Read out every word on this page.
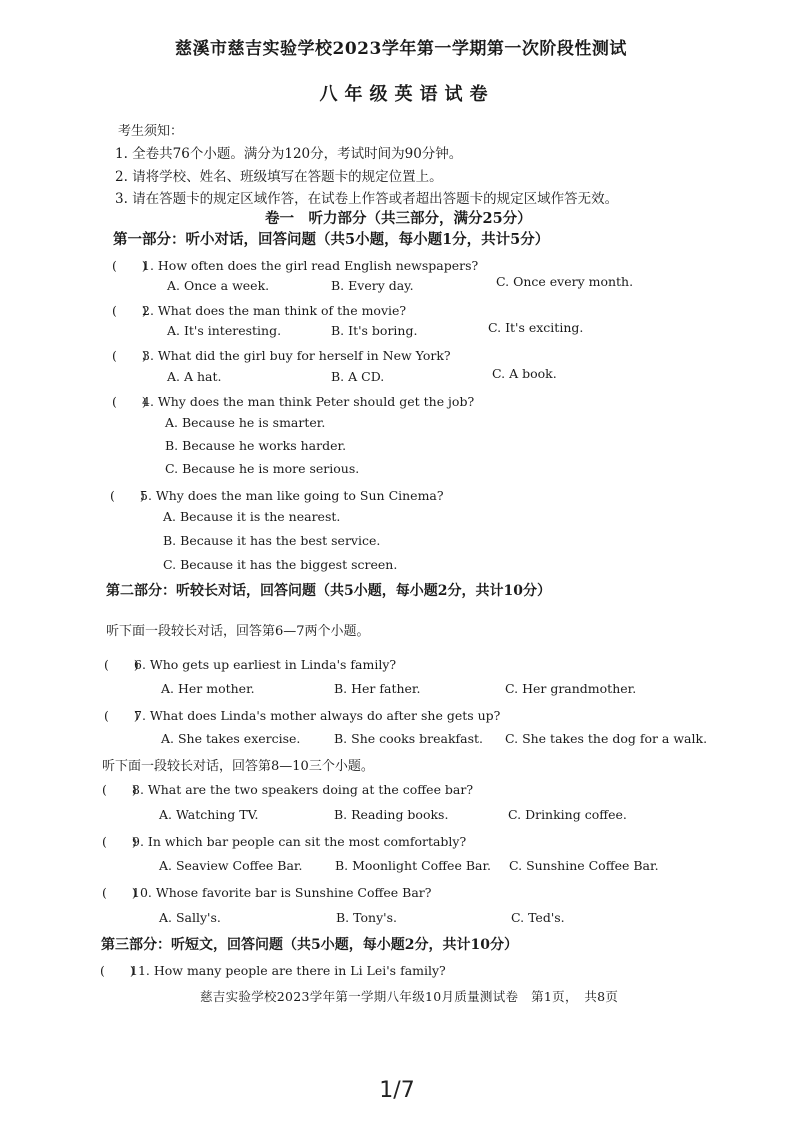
慈溪市慈吉实验学校2023学年第一学期第一次阶段性测试
八年级英语试卷
考生须知：
1. 全卷共76个小题。满分为120分，考试时间为90分钟。
2. 请将学校、姓名、班级填写在答题卡的规定位置上。
3. 请在答题卡的规定区域作答，在试卷上作答或者超出答题卡的规定区域作答无效。
卷一　听力部分（共三部分，满分25分）
第一部分：听小对话，回答问题（共5小题，每小题1分，共计5分）
(　　)1. How often does the girl read English newspapers?
A. Once a week.	B. Every day.	C. Once every month.
(　　)2. What does the man think of the movie?
A. It's interesting.	B. It's boring.	C. It's exciting.
(　　)3. What did the girl buy for herself in New York?
A. A hat.	B. A CD.	C. A book.
(　　)4. Why does the man think Peter should get the job?
A. Because he is smarter.
B. Because he works harder.
C. Because he is more serious.
(　　)5. Why does the man like going to Sun Cinema?
A. Because it is the nearest.
B. Because it has the best service.
C. Because it has the biggest screen.
第二部分：听较长对话，回答问题（共5小题，每小题2分，共计10分）
听下面一段较长对话，回答第6—7两个小题。
(　　)6. Who gets up earliest in Linda's family?
A. Her mother.	B. Her father.	C. Her grandmother.
(　　)7. What does Linda's mother always do after she gets up?
A. She takes exercise.	B. She cooks breakfast. C. She takes the dog for a walk.
听下面一段较长对话，回答第8—10三个小题。
(　　)8. What are the two speakers doing at the coffee bar?
A. Watching TV.	B. Reading books.	C. Drinking coffee.
(　　)9. In which bar people can sit the most comfortably?
A. Seaview Coffee Bar.	B. Moonlight Coffee Bar. C. Sunshine Coffee Bar.
(　　)10. Whose favorite bar is Sunshine Coffee Bar?
A. Sally's.	B. Tony's.	C. Ted's.
第三部分：听短文，回答问题（共5小题，每小题2分，共计10分）
(　　)11. How many people are there in Li Lei's family?
慈吉实验学校2023学年第一学期八年级10月质量测试卷　第1页，　共8页
1/7
